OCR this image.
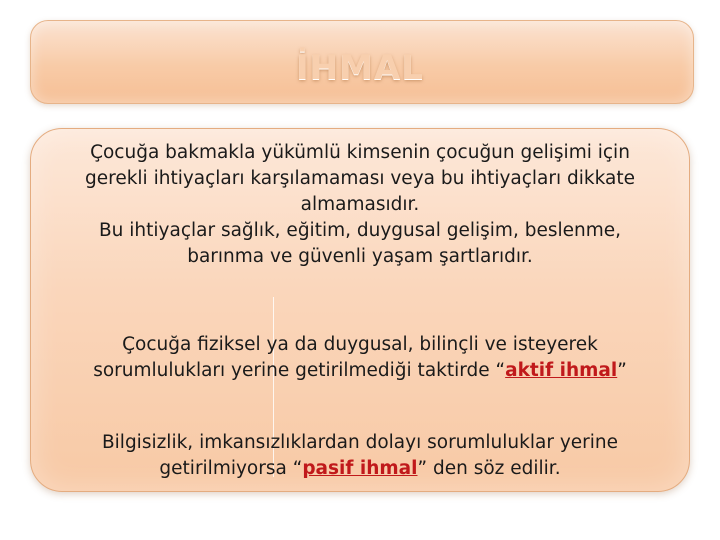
İHMAL
Çocuğa bakmakla yükümlü kimsenin çocuğun gelişimi için
gerekli ihtiyaçları karşılamaması veya bu ihtiyaçları dikkate
almamasıdır.
Bu ihtiyaçlar sağlık, eğitim, duygusal gelişim, beslenme,
barınma ve güvenli yaşam şartlarıdır.
Çocuğa fiziksel ya da duygusal, bilinçli ve isteyerek
sorumlulukları yerine getirilmediği taktirde “aktif ihmal”
Bilgisizlik, imkansızlıklardan dolayı sorumluluklar yerine
getirilmiyorsa “pasif ihmal” den söz edilir.
